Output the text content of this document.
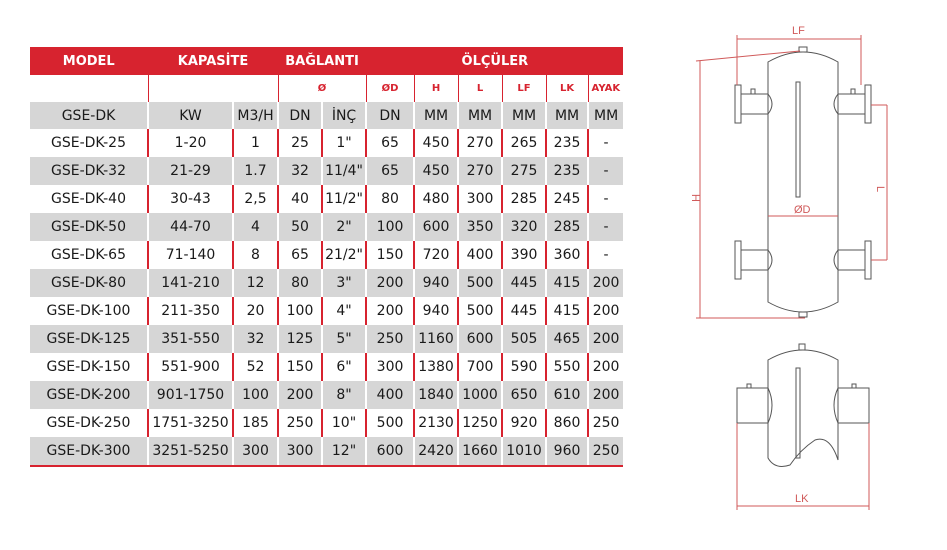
MODEL	KAPASİTE		BAĞLANTI		ÖLÇÜLER					
			Ø		ØD	H	L	LF	LK	AYAK
GSE-DK	KW	M3/H	DN	İNÇ	DN	MM	MM	MM	MM	MM
GSE-DK-25	1-20	1	25	1"	65	450	270	265	235	-
GSE-DK-32	21-29	1.7	32	11/4"	65	450	270	275	235	-
GSE-DK-40	30-43	2,5	40	11/2"	80	480	300	285	245	-
GSE-DK-50	44-70	4	50	2"	100	600	350	320	285	-
GSE-DK-65	71-140	8	65	21/2"	150	720	400	390	360	-
GSE-DK-80	141-210	12	80	3"	200	940	500	445	415	200
GSE-DK-100	211-350	20	100	4"	200	940	500	445	415	200
GSE-DK-125	351-550	32	125	5"	250	1160	600	505	465	200
GSE-DK-150	551-900	52	150	6"	300	1380	700	590	550	200
GSE-DK-200	901-1750	100	200	8"	400	1840	1000	650	610	200
GSE-DK-250	1751-3250	185	250	10"	500	2130	1250	920	860	250
GSE-DK-300	3251-5250	300	300	12"	600	2420	1660	1010	960	250
LF
H
L
ØD
LK
